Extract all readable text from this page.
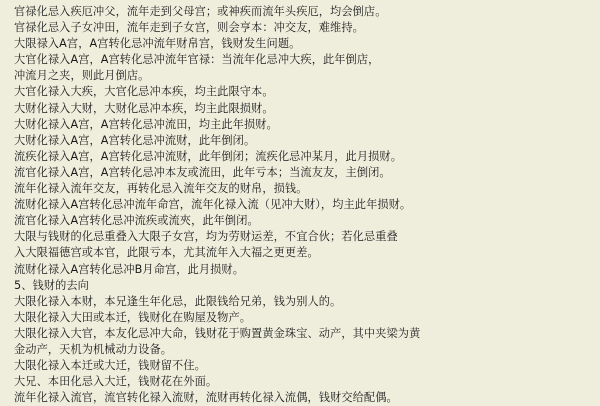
官禄化忌入疾厄冲父，流年走到父母宫；或神疾而流年头疾厄，均会倒店。
官禄化忌入子女冲田，流年走到子女宫，则会亨本：冲交友，难维持。
大限禄入A宫，A宫转化忌冲流年财帛宫，钱财发生问题。
大官化禄入A宫，A宫转化忌冲流年官禄：当流年化忌冲大疾，此年倒店，
冲流月之夹，则此月倒店。
大官化禄入大疾，大官化忌冲本疾，均主此限守本。
大财化禄入大财，大财化忌冲本疾，均主此限损财。
大财化禄入A宫，A宫转化忌冲流田，均主此年损财。
大财化禄入A宫，A宫转化忌冲流财，此年倒闭。
流疾化禄入A宫，A宫转化忌冲流财，此年倒闭；流疾化忌冲某月，此月损财。
流官化禄入A宫，A宫转化忌冲本友或流田，此年亏本；当流友友，主倒闭。
流年化禄入流年交友，再转化忌入流年交友的财帛，损钱。
流财化禄入A宫转化忌冲流年命宫，流年化禄入流（见冲大财），均主此年损财。
流官化禄入A宫转化忌冲流疾或流夾，此年倒闭。
大限与钱财的化忌重叠入大限子女宫，均为劳财运差，不宜合伙；若化忌重叠
入大限福德宫或本官，此限亏本，尤其流年入大福之更更差。
流财化禄入A宫转化忌冲B月命宫，此月损财。
5、钱财的去向
大限化禄入本财，本兄逢生年化忌，此限钱给兄弟，钱为别人的。
大限化禄入大田或本迁，钱财化在购屋及物产。
大限化禄入大官，本友化忌冲大命，钱财花于购置黄金珠宝、动产，其中夹梁为黄
金动产，天机为机械动力设备。
大限化禄入本迁或大迁，钱财留不住。
大兄、本田化忌入大迁，钱财花在外面。
流年化禄入流官，流官转化禄入流财，流财再转化禄入流偶，钱财交给配偶。
